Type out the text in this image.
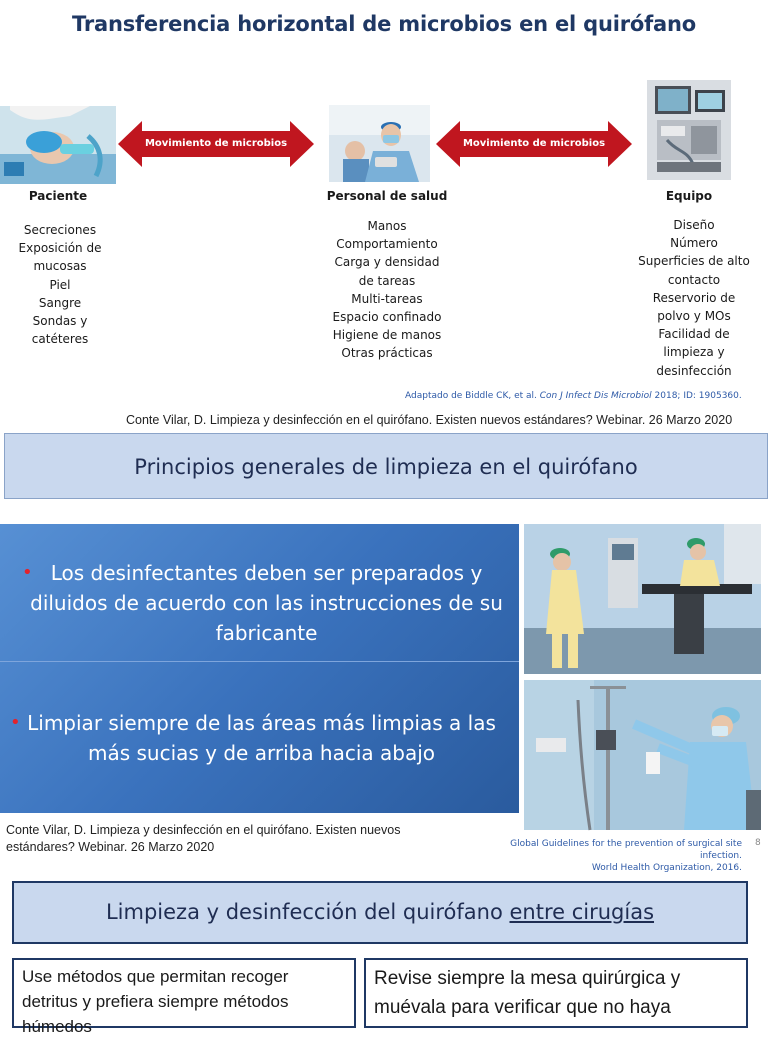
Transferencia horizontal de microbios en el quirófano
Movimiento de microbios	Movimiento de microbios
Paciente	Personal de salud	Equipo
Secreciones
Exposición de
mucosas
Piel
Sangre
Sondas y
catéteres
Manos
Comportamiento
Carga y densidad
de tareas
Multi-tareas
Espacio confinado
Higiene de manos
Otras prácticas
Diseño
Número
Superficies de alto
contacto
Reservorio de
polvo y MOs
Facilidad de
limpieza y
desinfección
Adaptado de Biddle CK, et al. Con J Infect Dis Microbiol 2018; ID: 1905360.
Conte Vilar, D. Limpieza y desinfección en el quirófano. Existen nuevos estándares? Webinar. 26 Marzo 2020
Principios generales de limpieza en el quirófano
• Los desinfectantes deben ser preparados y diluidos de acuerdo con las instrucciones de su fabricante
• Limpiar siempre de las áreas más limpias a las más sucias y de arriba hacia abajo
Conte Vilar, D. Limpieza y desinfección en el quirófano. Existen nuevos
estándares? Webinar. 26 Marzo 2020	Global Guidelines for the prevention of surgical site infection.
World Health Organization, 2016.
8
Limpieza y desinfección del quirófano entre cirugías
Use métodos que permitan recoger detritus y prefiera siempre métodos húmedos
Revise siempre la mesa quirúrgica y muévala para verificar que no haya
